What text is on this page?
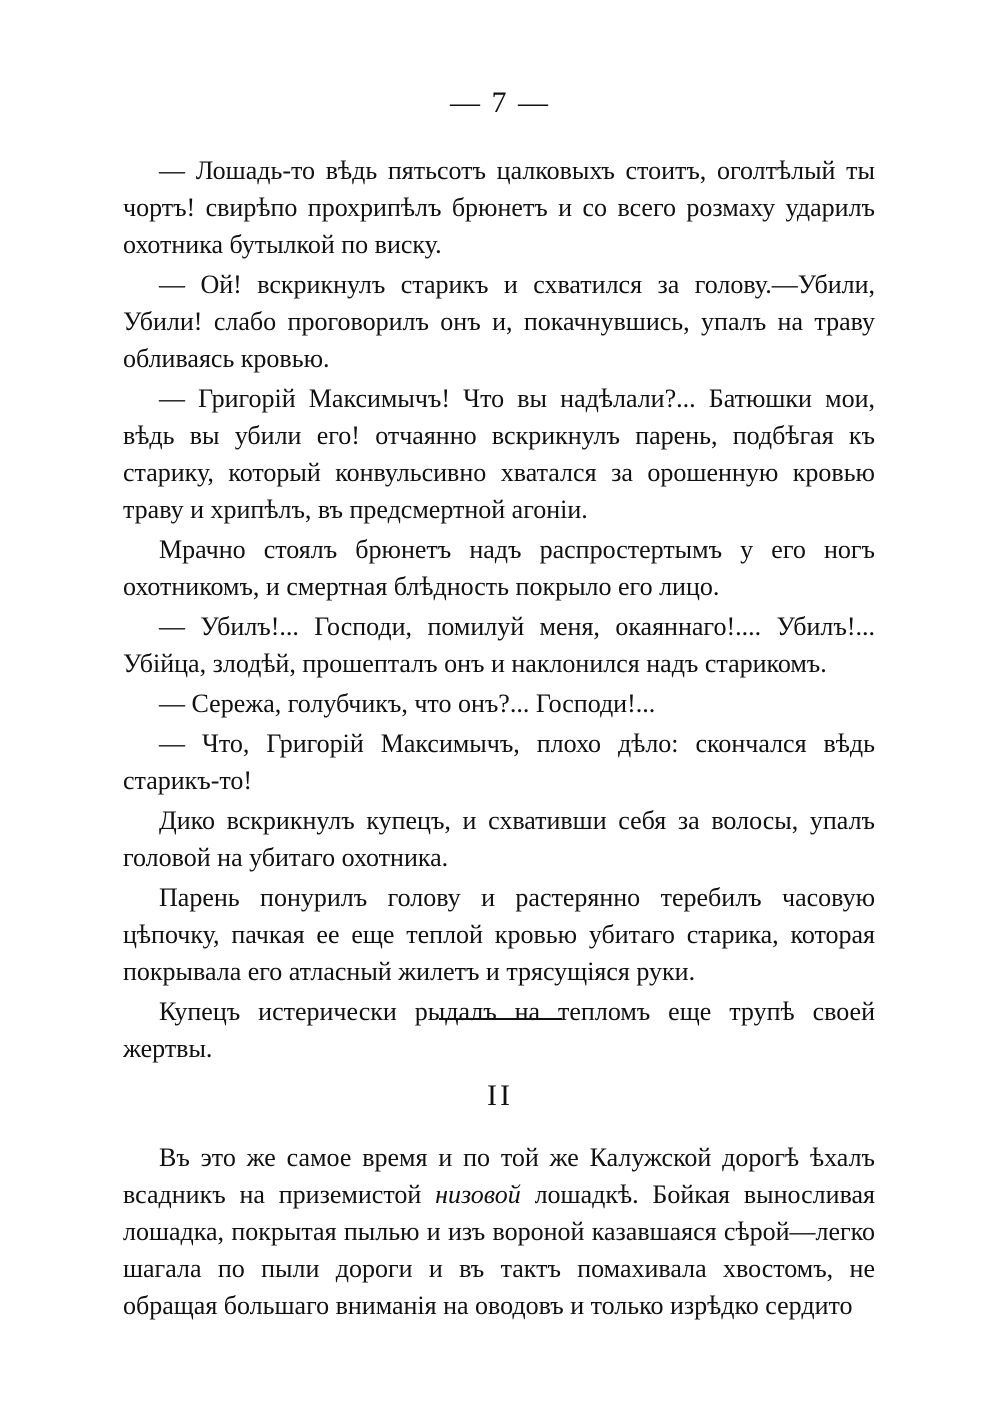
— 7 —

— Лошадь-то вѣдь пятьсотъ цалковыхъ стоитъ, оголтѣлый ты чортъ! свирѣпо прохрипѣлъ брюнетъ и со всего розмаху ударилъ охотника бутылкой по виску.

— Ой! вскрикнулъ старикъ и схватился за голову.—Убили, Убили! слабо проговорилъ онъ и, покачнувшись, упалъ на траву обливаясь кровью.

— Григорій Максимычъ! Что вы надѣлали?... Батюшки мои, вѣдь вы убили его! отчаянно вскрикнулъ парень, подбѣгая къ старику, который конвульсивно хватался за орошенную кровью траву и хрипѣлъ, въ предсмертной агоніи.

Мрачно стоялъ брюнетъ надъ распростертымъ у его ногъ охотникомъ, и смертная блѣдность покрыло его лицо.

— Убилъ!... Господи, помилуй меня, окаяннаго!.... Убилъ!... Убійца, злодѣй, прошепталъ онъ и наклонился надъ старикомъ.

— Сережа, голубчикъ, что онъ?... Господи!...

— Что, Григорій Максимычъ, плохо дѣло: скончался вѣдь старикъ-то!

Дико вскрикнулъ купецъ, и схвативши себя за волосы, упалъ головой на убитаго охотника.

Парень понурилъ голову и растерянно теребилъ часовую цѣпочку, пачкая ее еще теплой кровью убитаго старика, которая покрывала его атласный жилетъ и трясущіяся руки.

Купецъ истерически рыдалъ на тепломъ еще трупѣ своей жертвы.

II

Въ это же самое время и по той же Калужской дорогѣ ѣхалъ всадникъ на приземистой низовой лошадкѣ. Бойкая выносливая лошадка, покрытая пылью и изъ вороной казавшаяся сѣрой—легко шагала по пыли дороги и въ тактъ помахивала хвостомъ, не обращая большаго вниманія на оводовъ и только изрѣдко сердито
